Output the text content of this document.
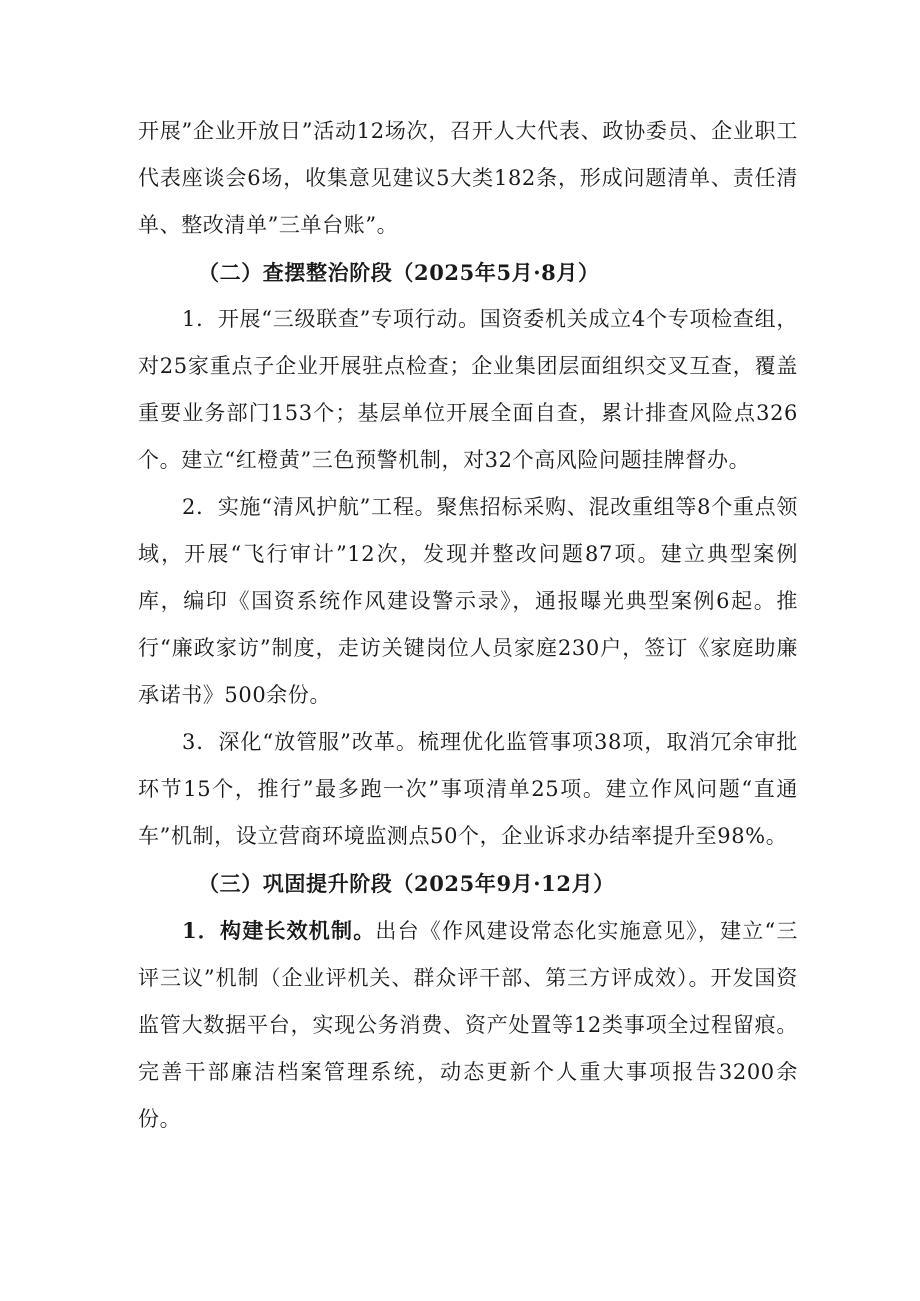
开展”企业开放日”活动12场次，召开人大代表、政协委员、企业职工代表座谈会6场，收集意见建议5大类182条，形成问题清单、责任清单、整改清单”三单台账”。

（二）查摆整治阶段（2025年5月·8月）

1．开展“三级联查”专项行动。国资委机关成立4个专项检查组，对25家重点子企业开展驻点检查；企业集团层面组织交叉互查，覆盖重要业务部门153个；基层单位开展全面自查，累计排查风险点326个。建立“红橙黄”三色预警机制，对32个高风险问题挂牌督办。

2．实施“清风护航”工程。聚焦招标采购、混改重组等8个重点领域，开展“飞行审计”12次，发现并整改问题87项。建立典型案例库，编印《国资系统作风建设警示录》，通报曝光典型案例6起。推行“廉政家访”制度，走访关键岗位人员家庭230户，签订《家庭助廉承诺书》500余份。

3．深化“放管服”改革。梳理优化监管事项38项，取消冗余审批环节15个，推行”最多跑一次”事项清单25项。建立作风问题“直通车”机制，设立营商环境监测点50个，企业诉求办结率提升至98%。

（三）巩固提升阶段（2025年9月·12月）

1．构建长效机制。出台《作风建设常态化实施意见》，建立“三评三议”机制（企业评机关、群众评干部、第三方评成效）。开发国资监管大数据平台，实现公务消费、资产处置等12类事项全过程留痕。完善干部廉洁档案管理系统，动态更新个人重大事项报告3200余份。
